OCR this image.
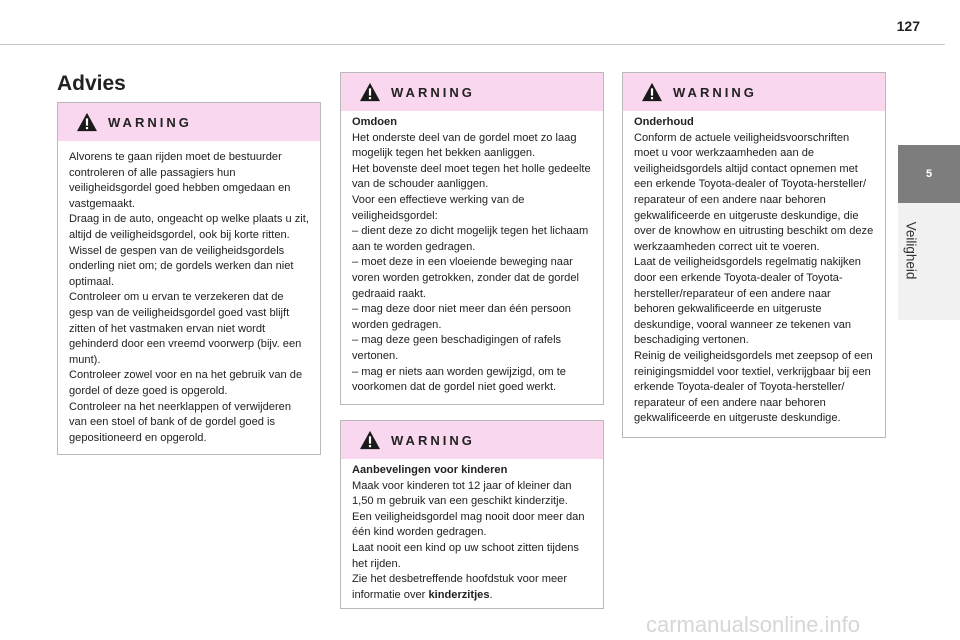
127
Advies
WARNING

Alvorens te gaan rijden moet de bestuurder controleren of alle passagiers hun veiligheidsgordel goed hebben omgedaan en vastgemaakt.

Draag in de auto, ongeacht op welke plaats u zit, altijd de veiligheidsgordel, ook bij korte ritten.

Wissel de gespen van de veiligheidsgordels onderling niet om; de gordels werken dan niet optimaal.

Controleer om u ervan te verzekeren dat de gesp van de veiligheidsgordel goed vast blijft zitten of het vastmaken ervan niet wordt gehinderd door een vreemd voorwerp (bijv. een munt).

Controleer zowel voor en na het gebruik van de gordel of deze goed is opgerold.

Controleer na het neerklappen of verwijderen van een stoel of bank of de gordel goed is gepositioneerd en opgerold.

WARNING

Omdoen

Het onderste deel van de gordel moet zo laag mogelijk tegen het bekken aanliggen.

Het bovenste deel moet tegen het holle gedeelte van de schouder aanliggen.

Voor een effectieve werking van de veiligheidsgordel:

– dient deze zo dicht mogelijk tegen het lichaam aan te worden gedragen.

– moet deze in een vloeiende beweging naar voren worden getrokken, zonder dat de gordel gedraaid raakt.

– mag deze door niet meer dan één persoon worden gedragen.

– mag deze geen beschadigingen of rafels vertonen.

– mag er niets aan worden gewijzigd, om te voorkomen dat de gordel niet goed werkt.

WARNING

Aanbevelingen voor kinderen

Maak voor kinderen tot 12 jaar of kleiner dan 1,50 m gebruik van een geschikt kinderzitje.

Een veiligheidsgordel mag nooit door meer dan één kind worden gedragen.

Laat nooit een kind op uw schoot zitten tijdens het rijden.

Zie het desbetreffende hoofdstuk voor meer informatie over kinderzitjes.

WARNING

Onderhoud

Conform de actuele veiligheidsvoorschriften moet u voor werkzaamheden aan de veiligheidsgordels altijd contact opnemen met een erkende Toyota-dealer of Toyota-hersteller/ reparateur of een andere naar behoren gekwalificeerde en uitgeruste deskundige, die over de knowhow en uitrusting beschikt om deze werkzaamheden correct uit te voeren.

Laat de veiligheidsgordels regelmatig nakijken door een erkende Toyota-dealer of Toyota-hersteller/reparateur of een andere naar behoren gekwalificeerde en uitgeruste deskundige, vooral wanneer ze tekenen van beschadiging vertonen.

Reinig de veiligheidsgordels met zeepsop of een reinigingsmiddel voor textiel, verkrijgbaar bij een erkende Toyota-dealer of Toyota-hersteller/ reparateur of een andere naar behoren gekwalificeerde en uitgeruste deskundige.

5
Veiligheid
carmanualsonline.info
